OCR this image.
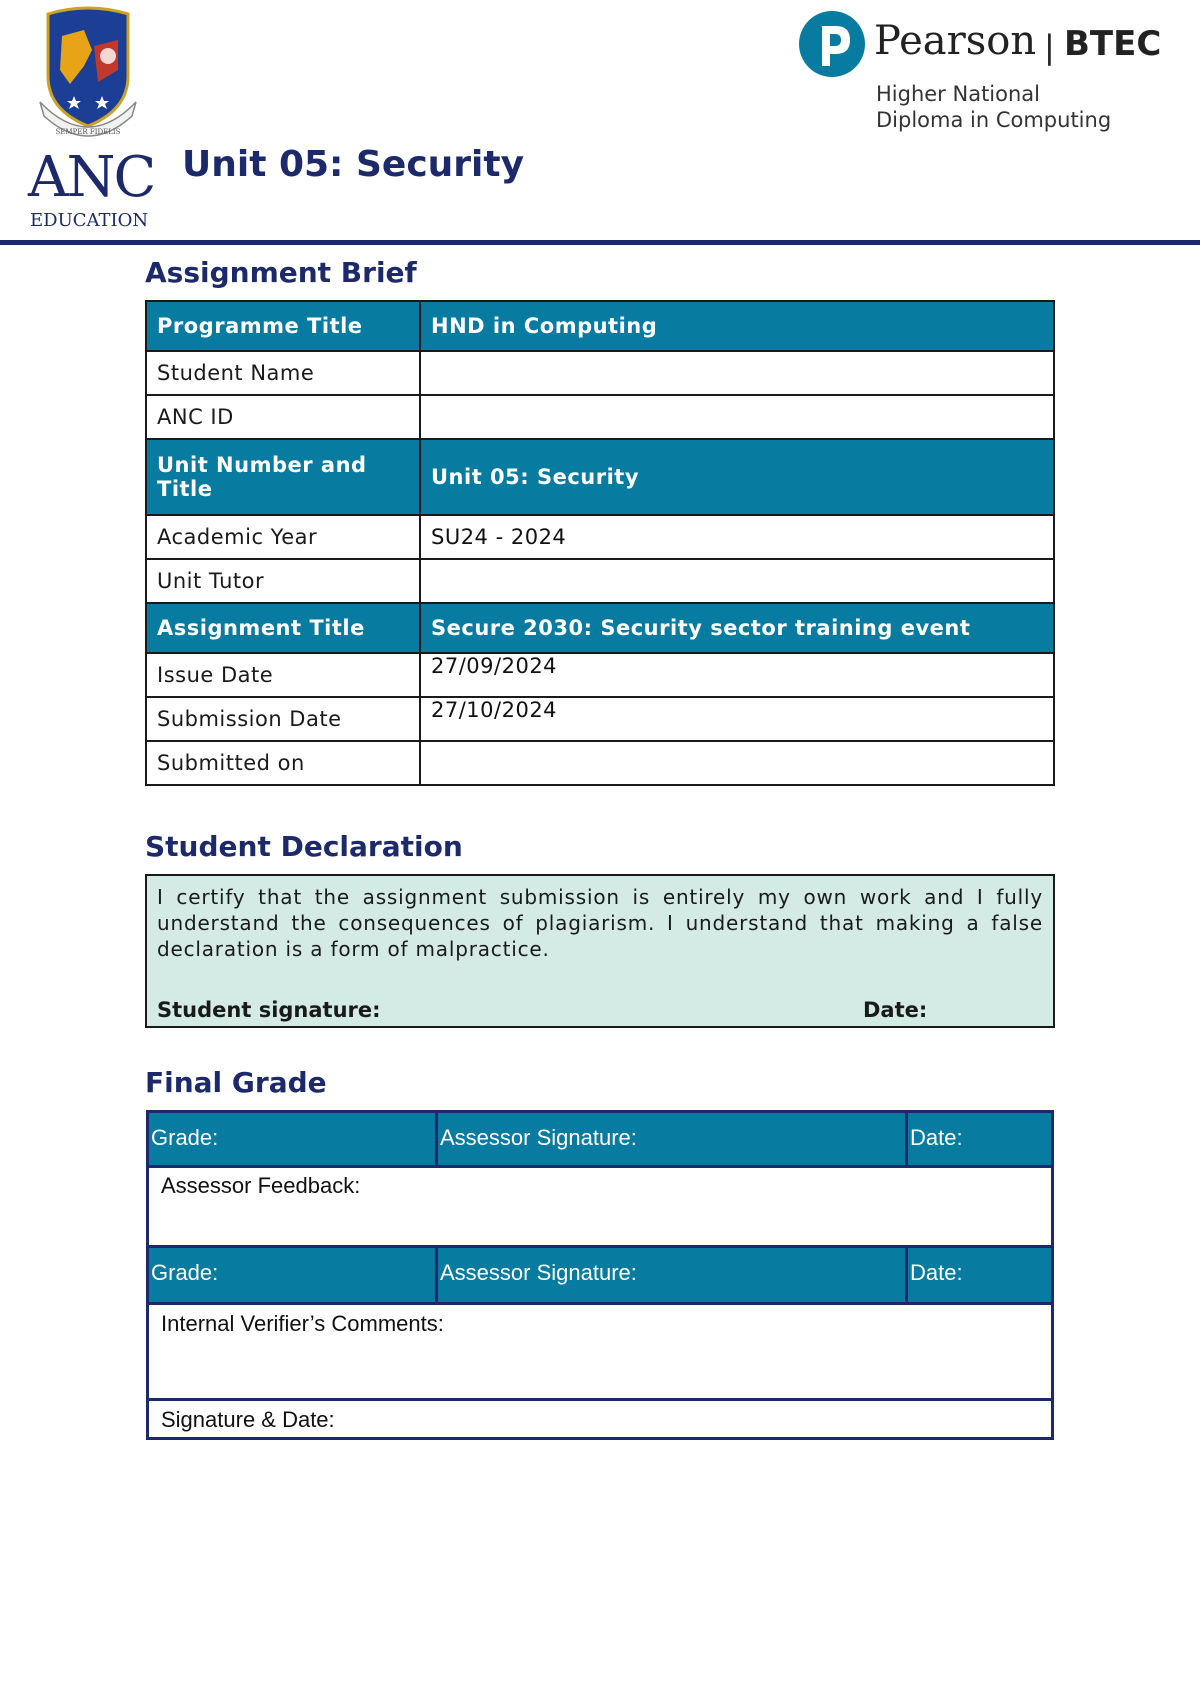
SEMPER FIDELIS
ANC
EDUCATION
Unit 05: Security
Pearson | BTEC
Higher National
Diploma in Computing
Assignment Brief
Programme Title	HND in Computing
Student Name	
ANC ID	
Unit Number and Title	Unit 05: Security
Academic Year	SU24 - 2024
Unit Tutor	
Assignment Title	Secure 2030: Security sector training event
Issue Date	27/09/2024
Submission Date	27/10/2024
Submitted on	
Student Declaration
I certify that the assignment submission is entirely my own work and I fully understand the consequences of plagiarism. I understand that making a false declaration is a form of malpractice.
Student signature:	Date:
Final Grade
Grade:	Assessor Signature:	Date:
Assessor Feedback:
Grade:	Assessor Signature:	Date:
Internal Verifier’s Comments:
Signature & Date:
